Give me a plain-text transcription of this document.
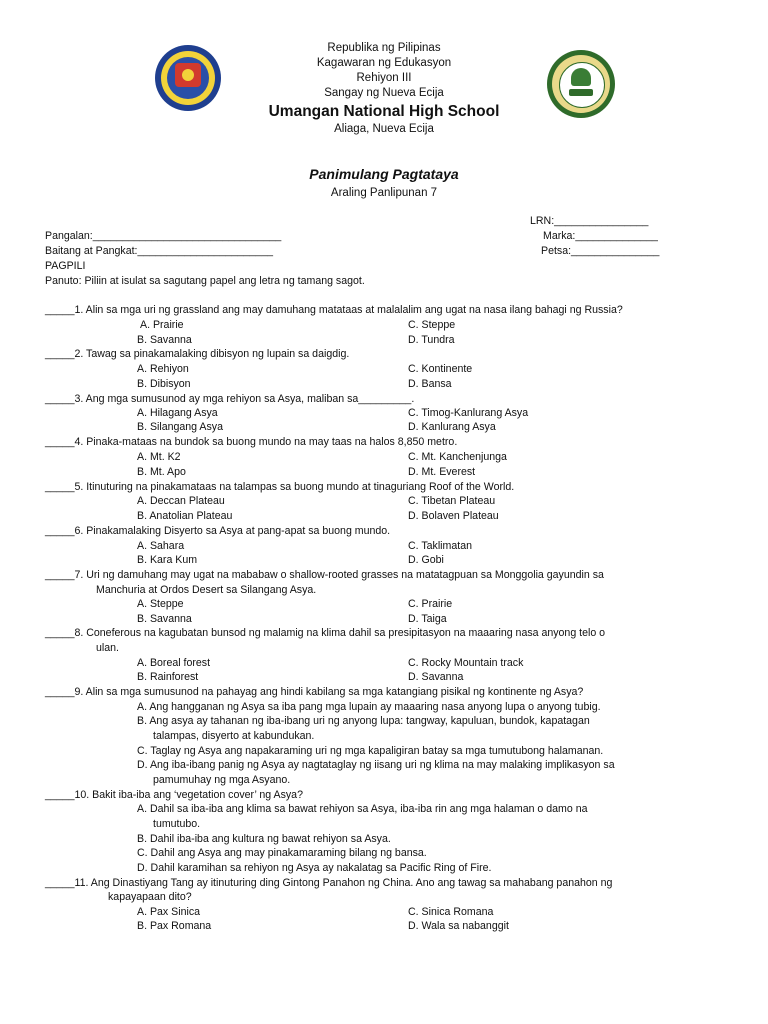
Republika ng Pilipinas
Kagawaran ng Edukasyon
Rehiyon III
Sangay ng Nueva Ecija
Umangan National High School
Aliaga, Nueva Ecija
Panimulang Pagtataya
Araling Panlipunan 7
LRN:________________
Pangalan:________________________________	Marka:______________
Baitang at Pangkat:_______________________	Petsa:_______________
PAGPILI
Panuto: Piliin at isulat sa sagutang papel ang letra ng tamang sagot.
_____1. Alin sa mga uri ng grassland ang may damuhang matataas at malalalim ang ugat na nasa ilang bahagi ng Russia?
A. Prairie	C. Steppe
B. Savanna	D. Tundra
_____2. Tawag sa pinakamalaking dibisyon ng lupain sa daigdig.
A. Rehiyon	C. Kontinente
B. Dibisyon	D. Bansa
_____3. Ang mga sumusunod ay mga rehiyon sa Asya, maliban sa_________.
A. Hilagang Asya	C. Timog-Kanlurang Asya
B. Silangang Asya	D. Kanlurang Asya
_____4. Pinaka-mataas na bundok sa buong mundo na may taas na halos 8,850 metro.
A. Mt. K2	C. Mt. Kanchenjunga
B. Mt. Apo	D. Mt. Everest
_____5. Itinuturing na pinakamataas na talampas sa buong mundo at tinaguriang Roof of the World.
A. Deccan Plateau	C. Tibetan Plateau
B. Anatolian Plateau	D. Bolaven Plateau
_____6. Pinakamalaking Disyerto sa Asya at pang-apat sa buong mundo.
A. Sahara	C. Taklimatan
B. Kara Kum	D. Gobi
_____7. Uri ng damuhang may ugat na mababaw o shallow-rooted grasses na matatagpuan sa Monggolia gayundin sa
Manchuria at Ordos Desert sa Silangang Asya.
A. Steppe	C. Prairie
B. Savanna	D. Taiga
_____8. Coneferous na kagubatan bunsod ng malamig na klima dahil sa presipitasyon na maaaring nasa anyong telo o
ulan.
A. Boreal forest	C. Rocky Mountain track
B. Rainforest	D. Savanna
_____9. Alin sa mga sumusunod na pahayag ang hindi kabilang sa mga katangiang pisikal ng kontinente ng Asya?
A. Ang hangganan ng Asya sa iba pang mga lupain ay maaaring nasa anyong lupa o anyong tubig.
B. Ang asya ay tahanan ng iba-ibang uri ng anyong lupa: tangway, kapuluan, bundok, kapatagan
talampas, disyerto at kabundukan.
C. Taglay ng Asya ang napakaraming uri ng mga kapaligiran batay sa mga tumutubong halamanan.
D. Ang iba-ibang panig ng Asya ay nagtataglay ng iisang uri ng klima na may malaking implikasyon sa
pamumuhay ng mga Asyano.
_____10. Bakit iba-iba ang ‘vegetation cover’ ng Asya?
A. Dahil sa iba-iba ang klima sa bawat rehiyon sa Asya, iba-iba rin ang mga halaman o damo na
tumutubo.
B. Dahil iba-iba ang kultura ng bawat rehiyon sa Asya.
C. Dahil ang Asya ang may pinakamaraming bilang ng bansa.
D. Dahil karamihan sa rehiyon ng Asya ay nakalatag sa Pacific Ring of Fire.
_____11. Ang Dinastiyang Tang ay itinuturing ding Gintong Panahon ng China. Ano ang tawag sa mahabang panahon ng
kapayapaan dito?
A. Pax Sinica	C. Sinica Romana
B. Pax Romana	D. Wala sa nabanggit
